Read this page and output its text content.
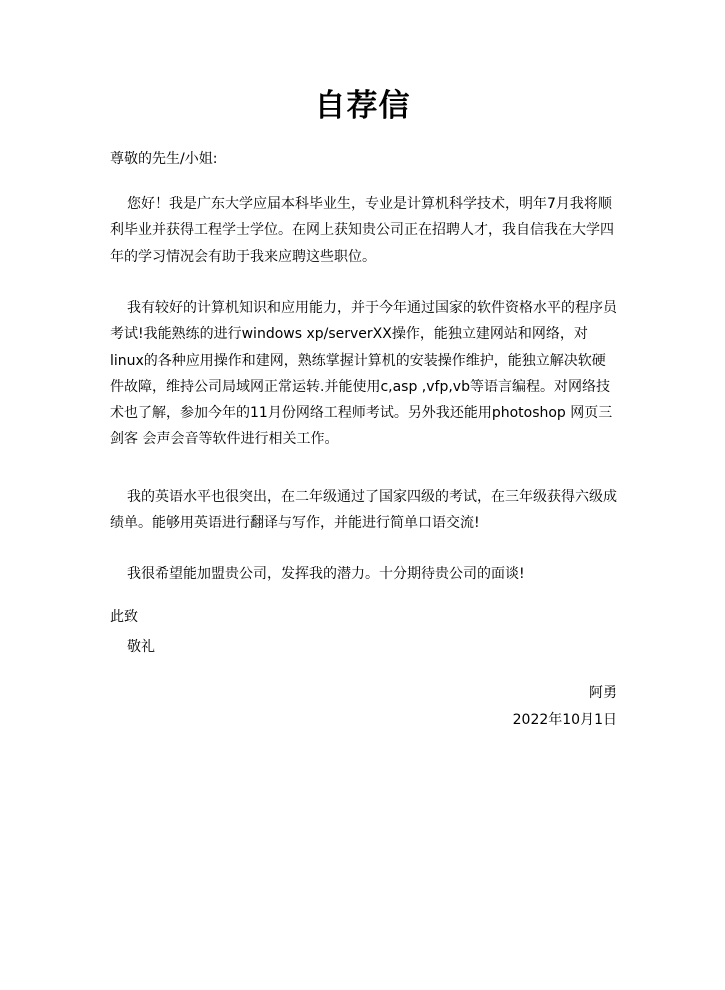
自荐信
尊敬的先生/小姐:

您好！我是广东大学应届本科毕业生，专业是计算机科学技术，明年7月我将顺利毕业并获得工程学士学位。在网上获知贵公司正在招聘人才，我自信我在大学四年的学习情况会有助于我来应聘这些职位。

我有较好的计算机知识和应用能力，并于今年通过国家的软件资格水平的程序员考试!我能熟练的进行windows xp/serverXX操作，能独立建网站和网络，对linux的各种应用操作和建网，熟练掌握计算机的安装操作维护，能独立解决软硬件故障，维持公司局域网正常运转.并能使用c,asp ,vfp,vb等语言编程。对网络技术也了解，参加今年的11月份网络工程师考试。另外我还能用photoshop 网页三剑客 会声会音等软件进行相关工作。

我的英语水平也很突出，在二年级通过了国家四级的考试，在三年级获得六级成绩单。能够用英语进行翻译与写作，并能进行简单口语交流!

我很希望能加盟贵公司，发挥我的潜力。十分期待贵公司的面谈!

此致
敬礼
阿勇
2022年10月1日
